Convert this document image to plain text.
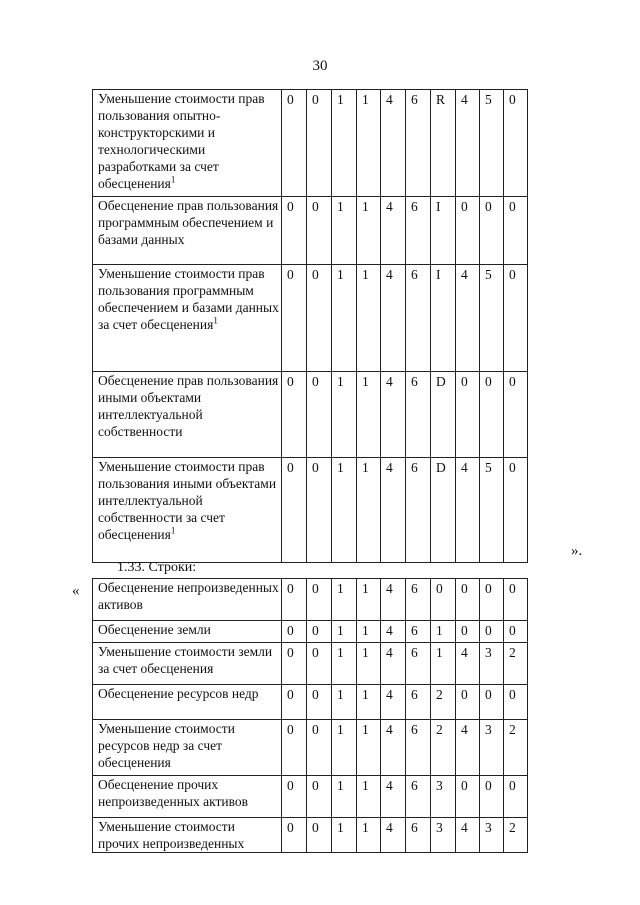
30
Уменьшение стоимости прав пользования опытно-конструкторскими и технологическими разработками за счет обесценения$^1$	0	0	1	1	4	6	R	4	5	0
Обесценение прав пользования программным обеспечением и базами данных	0	0	1	1	4	6	I	0	0	0
Уменьшение стоимости прав пользования программным обеспечением и базами данных за счет обесценения$^1$	0	0	1	1	4	6	I	4	5	0
Обесценение прав пользования иными объектами интеллектуальной собственности	0	0	1	1	4	6	D	0	0	0
Уменьшение стоимости прав пользования иными объектами интеллектуальной собственности за счет обесценения$^1$	0	0	1	1	4	6	D	4	5	0
».
1.33. Строки:
« Обесценение непроизведенных активов	0	0	1	1	4	6	0	0	0	0
Обесценение земли	0	0	1	1	4	6	1	0	0	0
Уменьшение стоимости земли за счет обесценения	0	0	1	1	4	6	1	4	3	2
Обесценение ресурсов недр	0	0	1	1	4	6	2	0	0	0
Уменьшение стоимости ресурсов недр за счет обесценения	0	0	1	1	4	6	2	4	3	2
Обесценение прочих непроизведенных активов	0	0	1	1	4	6	3	0	0	0
Уменьшение стоимости прочих непроизведенных	0	0	1	1	4	6	3	4	3	2
